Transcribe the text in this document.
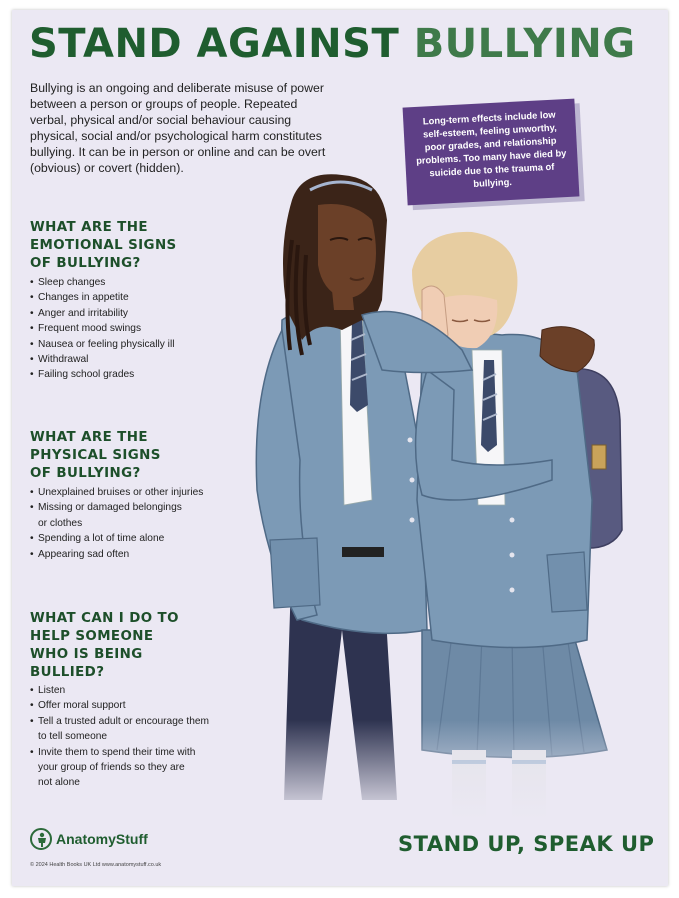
STAND AGAINST BULLYING

Bullying is an ongoing and deliberate misuse of power between a person or groups of people. Repeated verbal, physical and/or social behaviour causing physical, social and/or psychological harm constitutes bullying. It can be in person or online and can be overt (obvious) or covert (hidden).

Long-term effects include low self-esteem, feeling unworthy, poor grades, and relationship problems. Too many have died by suicide due to the trauma of bullying.
WHAT ARE THE
EMOTIONAL SIGNS
OF BULLYING?
• Sleep changes
• Changes in appetite
• Anger and irritability
• Frequent mood swings
• Nausea or feeling physically ill
• Withdrawal
• Failing school grades
WHAT ARE THE
PHYSICAL SIGNS
OF BULLYING?
• Unexplained bruises or other injuries
• Missing or damaged belongings
or clothes
• Spending a lot of time alone
• Appearing sad often
WHAT CAN I DO TO
HELP SOMEONE
WHO IS BEING
BULLIED?
• Listen
• Offer moral support
• Tell a trusted adult or encourage them
to tell someone
• Invite them to spend their time with
your group of friends so they are
not alone
AnatomyStuff
© 2024 Health Books UK Ltd www.anatomystuff.co.uk
STAND UP, SPEAK UP
